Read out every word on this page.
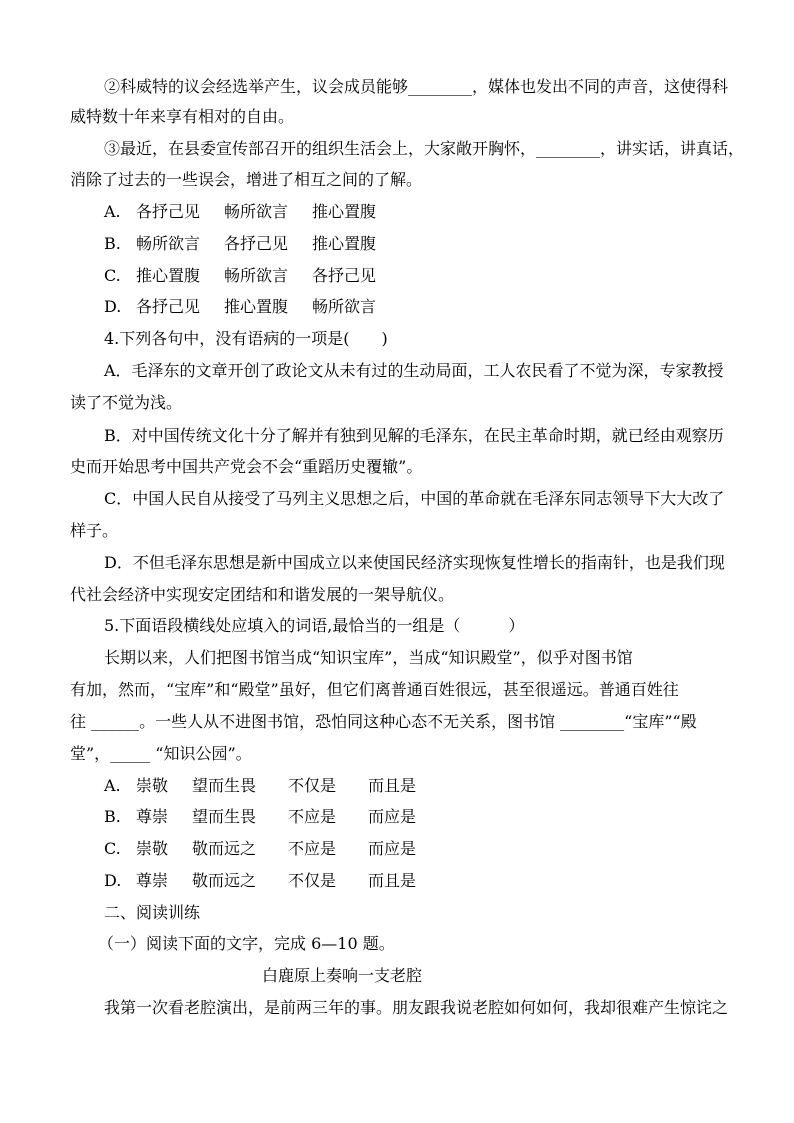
②科威特的议会经选举产生，议会成员能够________，媒体也发出不同的声音，这使得科
威特数十年来享有相对的自由。
③最近，在县委宣传部召开的组织生活会上，大家敞开胸怀，________，讲实话，讲真话，
消除了过去的一些误会，增进了相互之间的了解。
A. 各抒己见 畅所欲言 推心置腹
B. 畅所欲言 各抒己见 推心置腹
C. 推心置腹 畅所欲言 各抒己见
D. 各抒己见 推心置腹 畅所欲言
4.下列各句中，没有语病的一项是(　　)
A．毛泽东的文章开创了政论文从未有过的生动局面，工人农民看了不觉为深，专家教授
读了不觉为浅。
B．对中国传统文化十分了解并有独到见解的毛泽东，在民主革命时期，就已经由观察历
史而开始思考中国共产党会不会“重蹈历史覆辙”。
C．中国人民自从接受了马列主义思想之后，中国的革命就在毛泽东同志领导下大大改了
样子。
D．不但毛泽东思想是新中国成立以来使国民经济实现恢复性增长的指南针，也是我们现
代社会经济中实现安定团结和和谐发展的一架导航仪。
5.下面语段横线处应填入的词语,最恰当的一组是（　　　）
长期以来，人们把图书馆当成“知识宝库”，当成“知识殿堂”，似乎对图书馆
有加，然而，“宝库”和“殿堂”虽好，但它们离普通百姓很远，甚至很遥远。普通百姓往
往 ______。一些人从不进图书馆，恐怕同这种心态不无关系，图书馆 ________“宝库”“殿
堂”，_____ “知识公园”。
A. 崇敬 望而生畏 不仅是 而且是
B. 尊崇 望而生畏 不应是 而应是
C. 崇敬 敬而远之 不应是 而应是
D. 尊崇 敬而远之 不仅是 而且是
二、阅读训练
（一）阅读下面的文字，完成 6—10 题。
白鹿原上奏响一支老腔
我第一次看老腔演出，是前两三年的事。朋友跟我说老腔如何如何，我却很难产生惊诧之
